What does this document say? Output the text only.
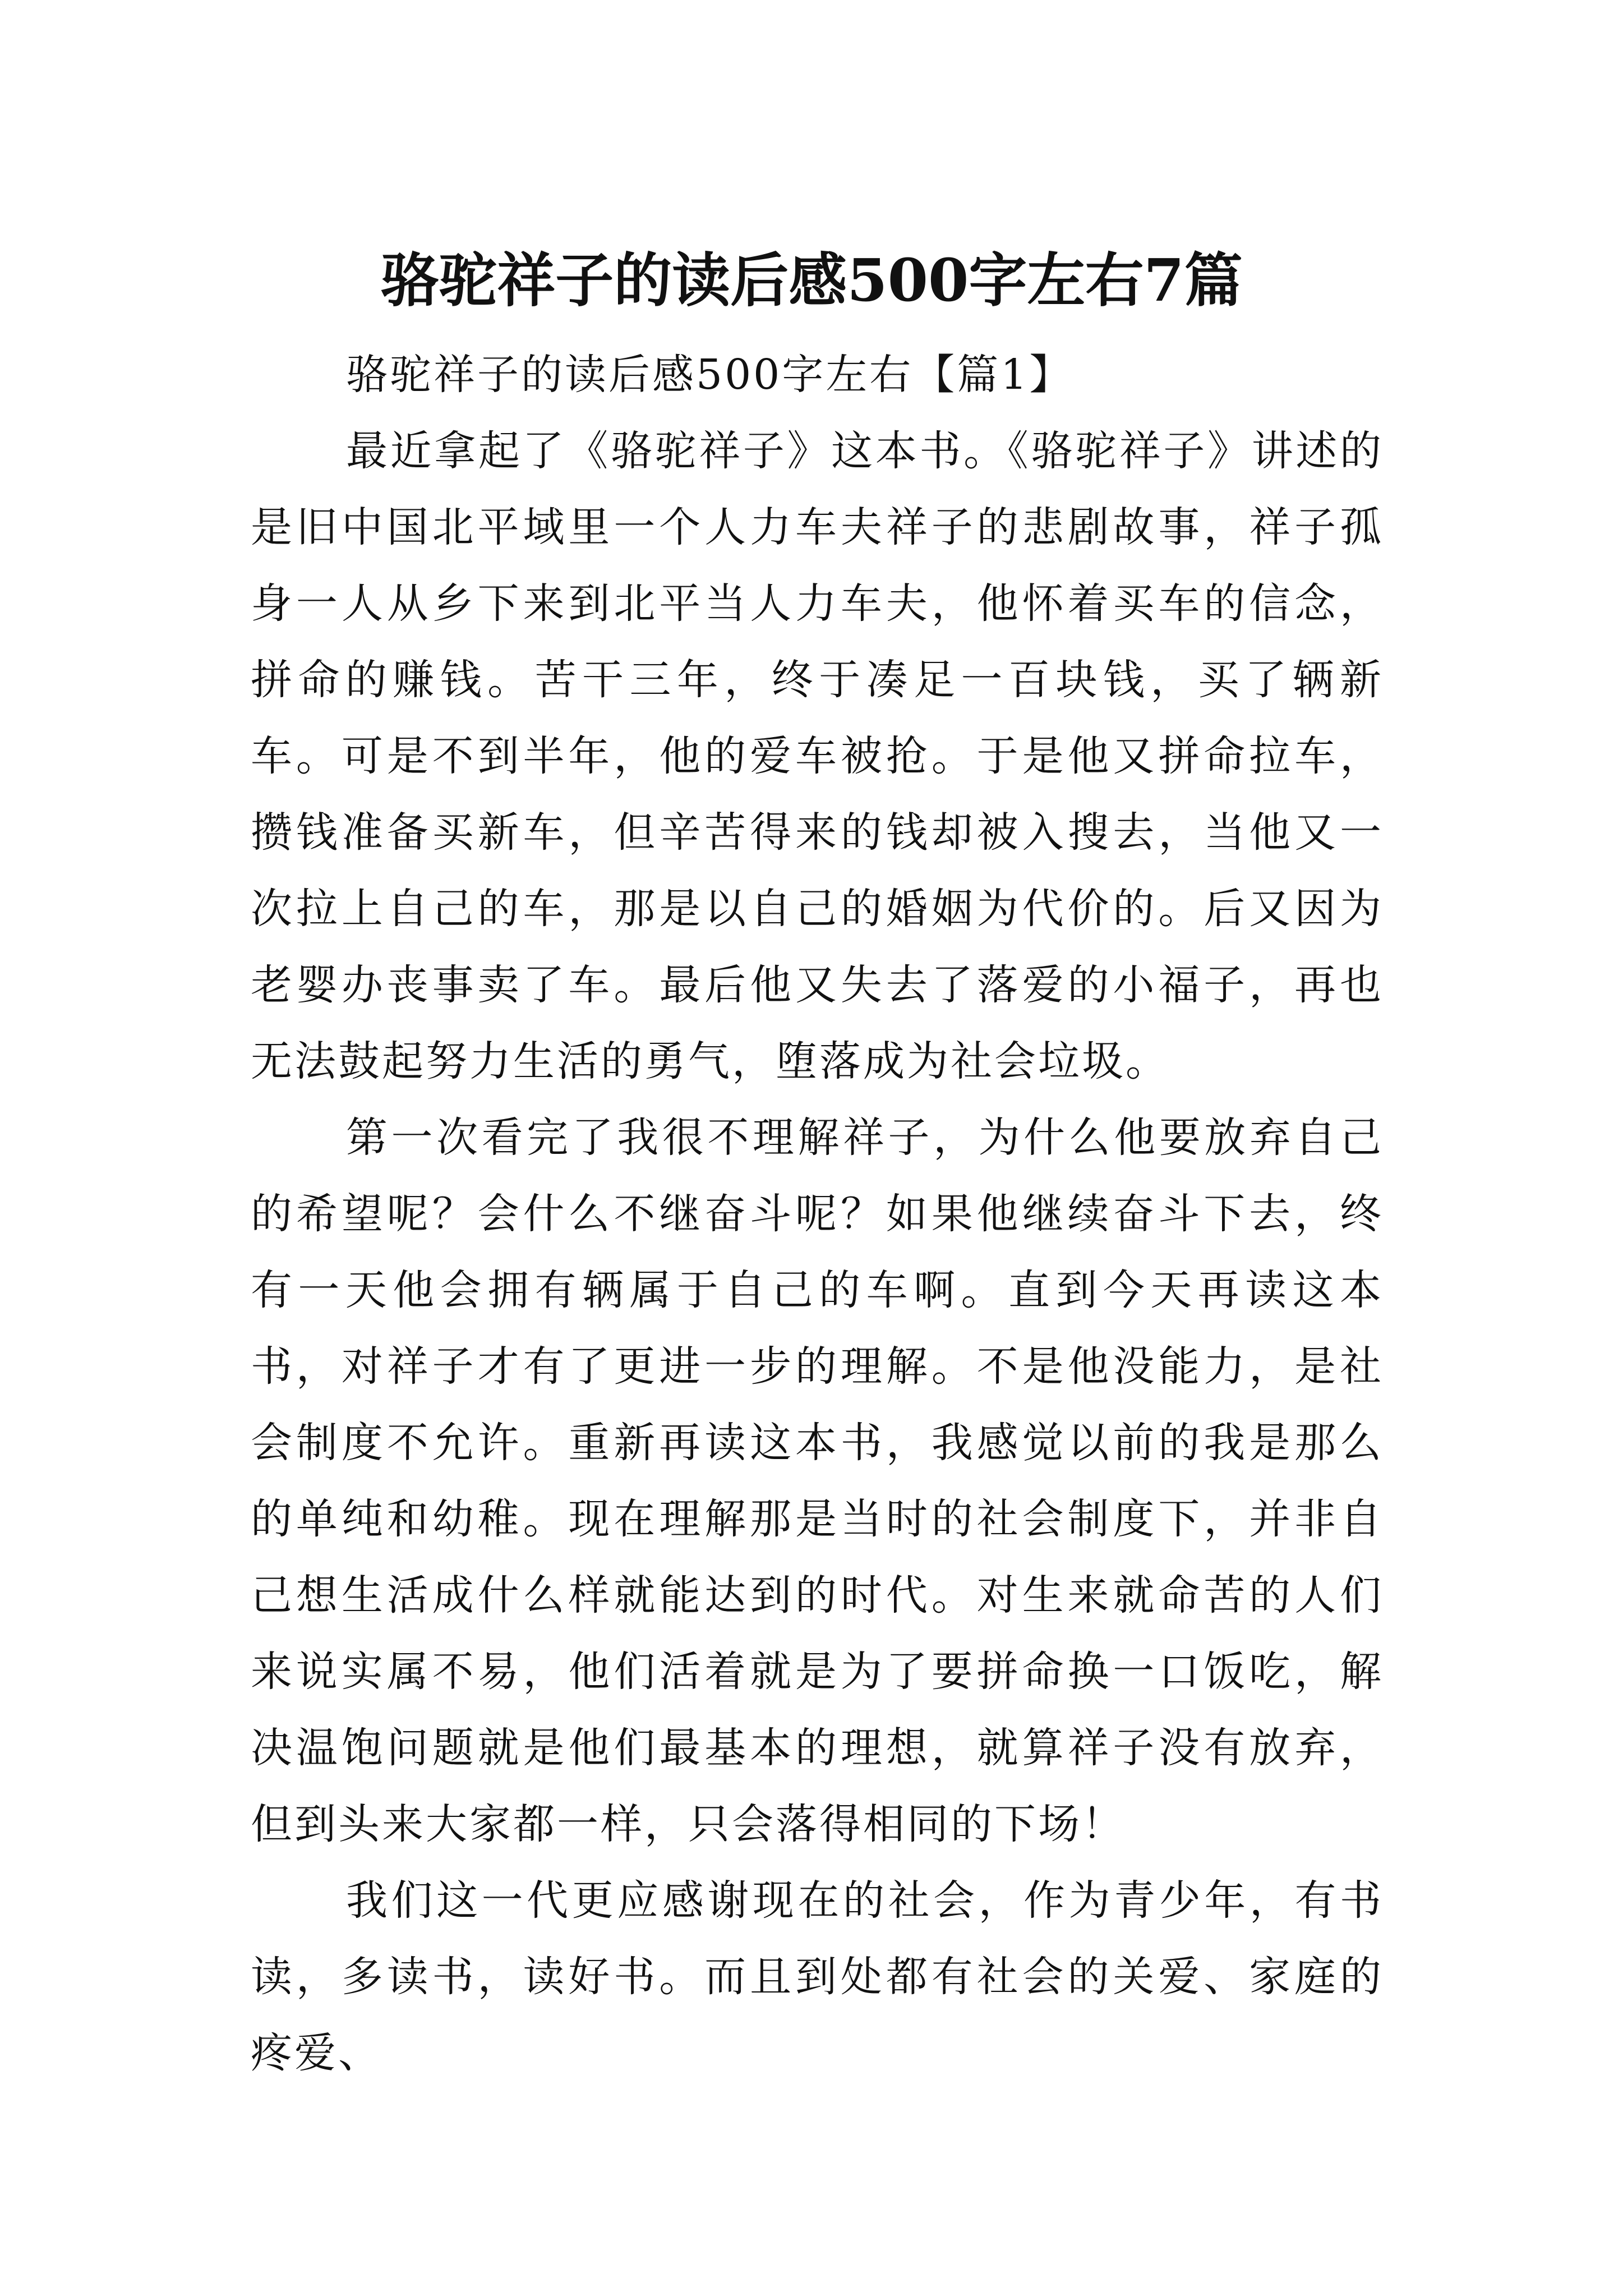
骆驼祥子的读后感500字左右7篇

骆驼祥子的读后感500字左右【篇1】

最近拿起了《骆驼祥子》这本书。《骆驼祥子》讲述的是旧中国北平域里一个人力车夫祥子的悲剧故事，祥子孤身一人从乡下来到北平当人力车夫，他怀着买车的信念，拼命的赚钱。苦干三年，终于凑足一百块钱，买了辆新车。可是不到半年，他的爱车被抢。于是他又拼命拉车，攒钱准备买新车，但辛苦得来的钱却被入搜去，当他又一次拉上自己的车，那是以自己的婚姻为代价的。后又因为老婴办丧事卖了车。最后他又失去了落爱的小福子，再也无法鼓起努力生活的勇气，堕落成为社会垃圾。

第一次看完了我很不理解祥子，为什么他要放弃自己的希望呢？会什么不继奋斗呢？如果他继续奋斗下去，终有一天他会拥有辆属于自己的车啊。直到今天再读这本书，对祥子才有了更进一步的理解。不是他没能力，是社会制度不允许。重新再读这本书，我感觉以前的我是那么的单纯和幼稚。现在理解那是当时的社会制度下，并非自己想生活成什么样就能达到的时代。对生来就命苦的人们来说实属不易，他们活着就是为了要拼命换一口饭吃，解决温饱问题就是他们最基本的理想，就算祥子没有放弃，但到头来大家都一样，只会落得相同的下场！

我们这一代更应感谢现在的社会，作为青少年，有书读，多读书，读好书。而且到处都有社会的关爱、家庭的疼爱、
